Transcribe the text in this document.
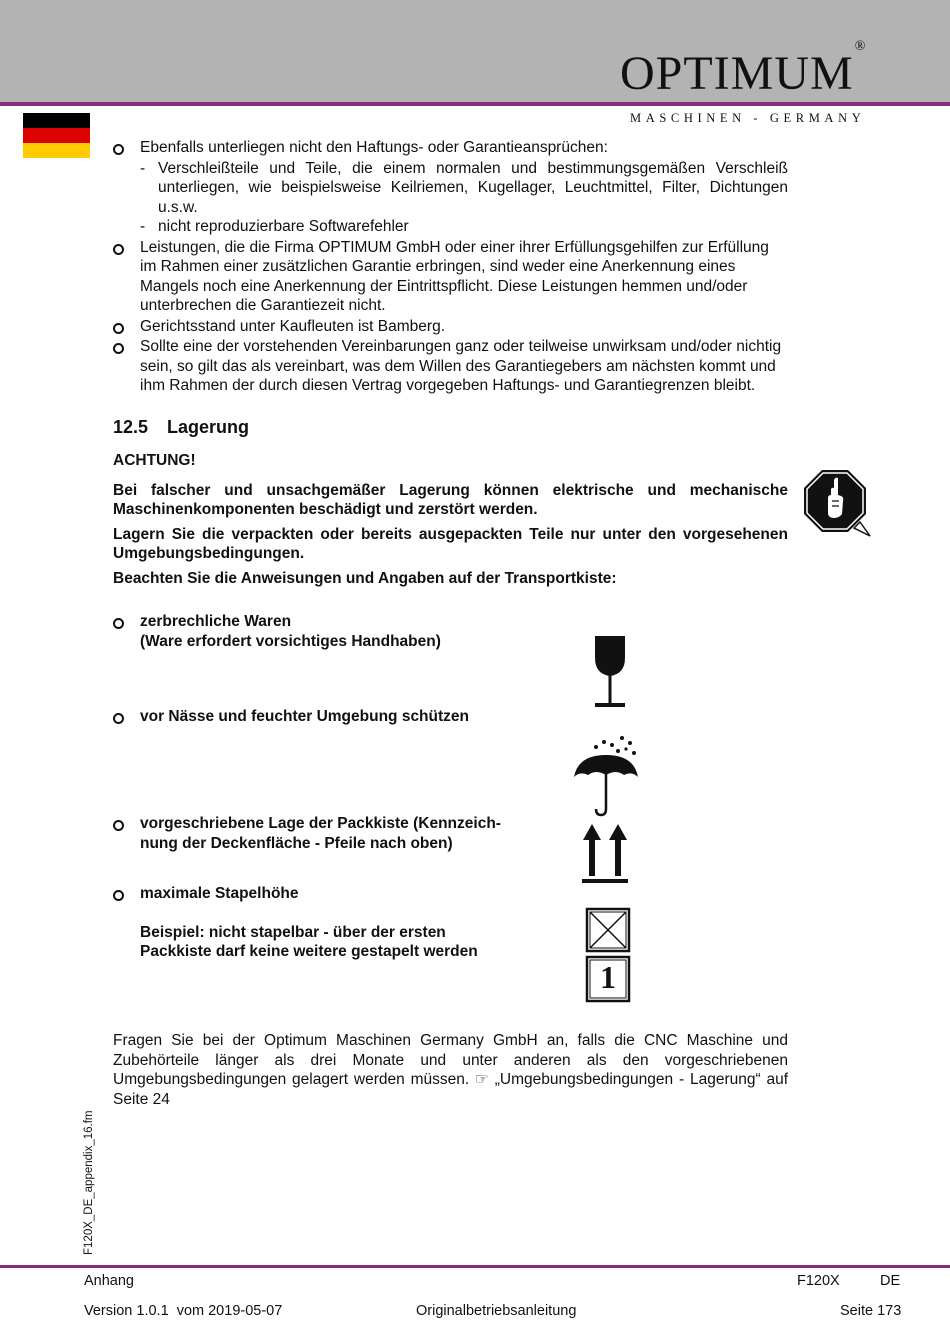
OPTIMUM®
MASCHINEN - GERMANY
Ebenfalls unterliegen nicht den Haftungs- oder Garantieansprüchen:
- Verschleißteile und Teile, die einem normalen und bestimmungsgemäßen Verschleiß unterliegen, wie beispielsweise Keilriemen, Kugellager, Leuchtmittel, Filter, Dichtungen u.s.w.
- nicht reproduzierbare Softwarefehler
Leistungen, die die Firma OPTIMUM GmbH oder einer ihrer Erfüllungsgehilfen zur Erfüllung im Rahmen einer zusätzlichen Garantie erbringen, sind weder eine Anerkennung eines Mangels noch eine Anerkennung der Eintrittspflicht. Diese Leistungen hemmen und/oder unterbrechen die Garantiezeit nicht.
Gerichtsstand unter Kaufleuten ist Bamberg.
Sollte eine der vorstehenden Vereinbarungen ganz oder teilweise unwirksam und/oder nichtig sein, so gilt das als vereinbart, was dem Willen des Garantiegebers am nächsten kommt und ihm Rahmen der durch diesen Vertrag vorgegeben Haftungs- und Garantiegrenzen bleibt.
12.5 Lagerung
ACHTUNG!
Bei falscher und unsachgemäßer Lagerung können elektrische und mechanische Maschinenkomponenten beschädigt und zerstört werden.
Lagern Sie die verpackten oder bereits ausgepackten Teile nur unter den vorgesehenen Umgebungsbedingungen.
Beachten Sie die Anweisungen und Angaben auf der Transportkiste:
zerbrechliche Waren
(Ware erfordert vorsichtiges Handhaben)
vor Nässe und feuchter Umgebung schützen
vorgeschriebene Lage der Packkiste (Kennzeich-
nung der Deckenfläche - Pfeile nach oben)
maximale Stapelhöhe
Beispiel: nicht stapelbar - über der ersten
Packkiste darf keine weitere gestapelt werden
1
Fragen Sie bei der Optimum Maschinen Germany GmbH an, falls die CNC Maschine und Zubehörteile länger als drei Monate und unter anderen als den vorgeschriebenen Umgebungsbedingungen gelagert werden müssen. ☞ „Umgebungsbedingungen - Lagerung“ auf Seite 24
F120X_DE_appendix_16.fm
Anhang	F120X	DE
Version 1.0.1  vom 2019-05-07	Originalbetriebsanleitung	Seite 173
